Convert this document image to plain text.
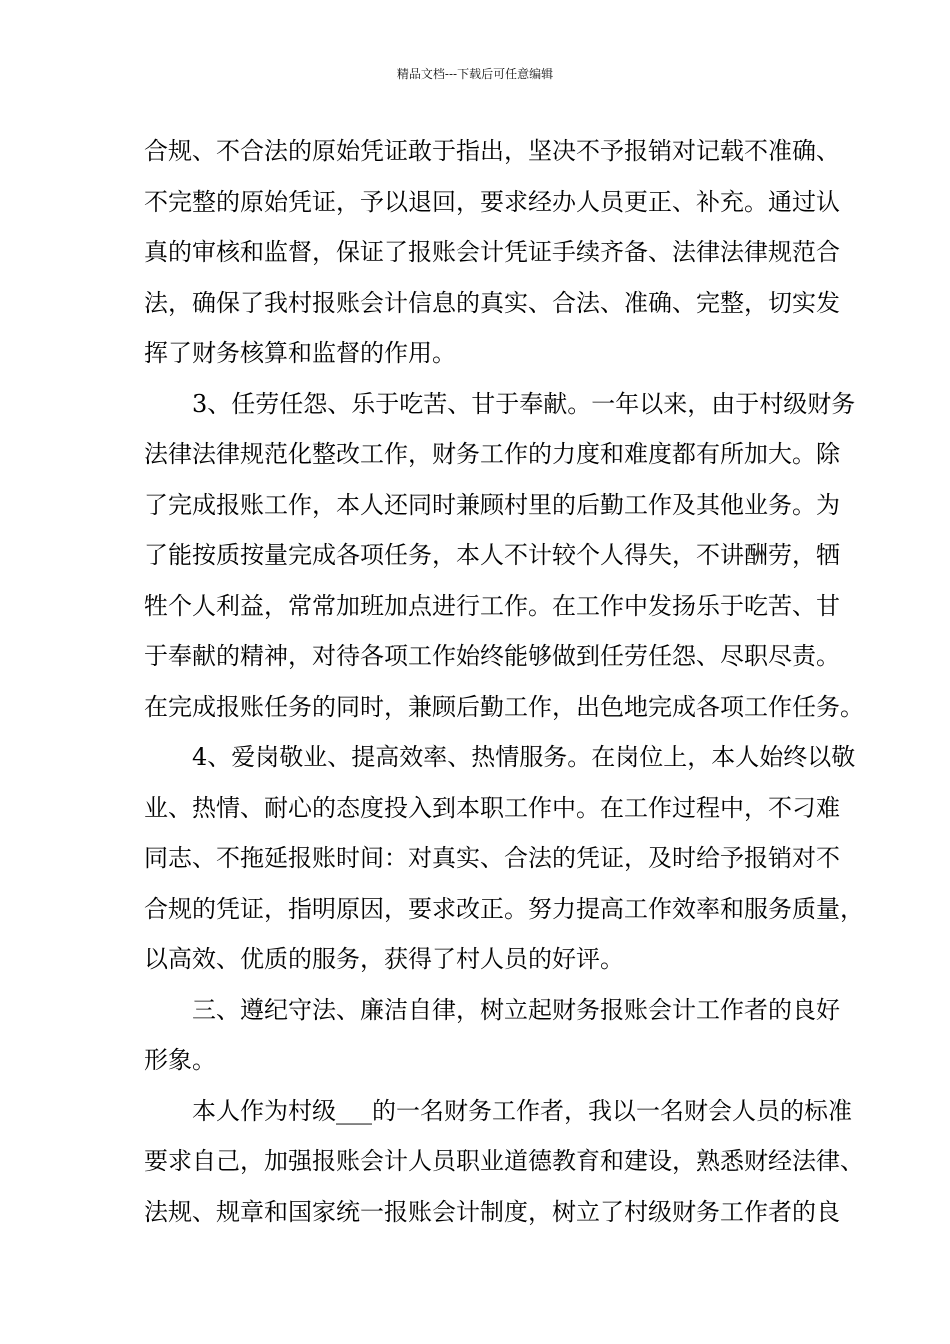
精品文档---下载后可任意编辑
合规、不合法的原始凭证敢于指出，坚决不予报销对记载不准确、
不完整的原始凭证，予以退回，要求经办人员更正、补充。通过认
真的审核和监督，保证了报账会计凭证手续齐备、法律法律规范合
法，确保了我村报账会计信息的真实、合法、准确、完整，切实发
挥了财务核算和监督的作用。
3、任劳任怨、乐于吃苦、甘于奉献。一年以来，由于村级财务
法律法律规范化整改工作，财务工作的力度和难度都有所加大。除
了完成报账工作，本人还同时兼顾村里的后勤工作及其他业务。为
了能按质按量完成各项任务，本人不计较个人得失，不讲酬劳，牺
牲个人利益，常常加班加点进行工作。在工作中发扬乐于吃苦、甘
于奉献的精神，对待各项工作始终能够做到任劳任怨、尽职尽责。
在完成报账任务的同时，兼顾后勤工作，出色地完成各项工作任务。
4、爱岗敬业、提高效率、热情服务。在岗位上，本人始终以敬
业、热情、耐心的态度投入到本职工作中。在工作过程中，不刁难
同志、不拖延报账时间：对真实、合法的凭证，及时给予报销对不
合规的凭证，指明原因，要求改正。努力提高工作效率和服务质量，
以高效、优质的服务，获得了村人员的好评。
三、遵纪守法、廉洁自律，树立起财务报账会计工作者的良好
形象。
本人作为村级___的一名财务工作者，我以一名财会人员的标准
要求自己，加强报账会计人员职业道德教育和建设，熟悉财经法律、
法规、规章和国家统一报账会计制度，树立了村级财务工作者的良
